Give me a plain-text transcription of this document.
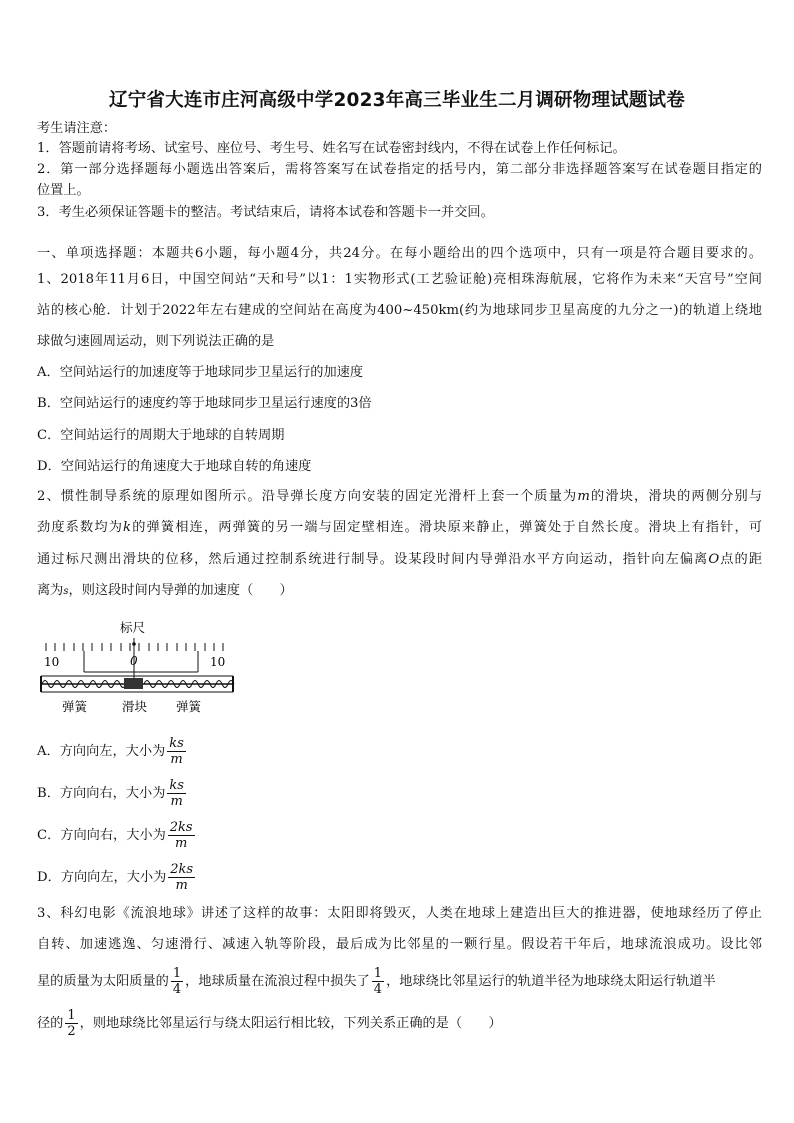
辽宁省大连市庄河高级中学2023年高三毕业生二月调研物理试题试卷
考生请注意：
1．答题前请将考场、试室号、座位号、考生号、姓名写在试卷密封线内，不得在试卷上作任何标记。
2．第一部分选择题每小题选出答案后，需将答案写在试卷指定的括号内，第二部分非选择题答案写在试卷题目指定的
位置上。
3．考生必须保证答题卡的整洁。考试结束后，请将本试卷和答题卡一并交回。
一、单项选择题：本题共6小题，每小题4分，共24分。在每小题给出的四个选项中，只有一项是符合题目要求的。
1、2018年11月6日，中国空间站“天和号”以1：1实物形式(工艺验证舱)亮相珠海航展，它将作为未来“天宫号”空间
站的核心舱．计划于2022年左右建成的空间站在高度为400~450km(约为地球同步卫星高度的九分之一)的轨道上绕地
球做匀速圆周运动，则下列说法正确的是
A．空间站运行的加速度等于地球同步卫星运行的加速度
B．空间站运行的速度约等于地球同步卫星运行速度的3倍
C．空间站运行的周期大于地球的自转周期
D．空间站运行的角速度大于地球自转的角速度
2、惯性制导系统的原理如图所示。沿导弹长度方向安装的固定光滑杆上套一个质量为m的滑块，滑块的两侧分别与
劲度系数均为k的弹簧相连，两弹簧的另一端与固定壁相连。滑块原来静止，弹簧处于自然长度。滑块上有指针，可
通过标尺测出滑块的位移，然后通过控制系统进行制导。设某段时间内导弹沿水平方向运动，指针向左偏离O点的距
离为s，则这段时间内导弹的加速度（　　）
标尺
10	0	10
弹簧	滑块 弹簧
A．方向向左，大小为 $\frac{ks}{m}$
B．方向向右，大小为 $\frac{ks}{m}$
C．方向向右，大小为 $\frac{2ks}{m}$
D．方向向左，大小为 $\frac{2ks}{m}$
3、科幻电影《流浪地球》讲述了这样的故事：太阳即将毁灭，人类在地球上建造出巨大的推进器，使地球经历了停止
自转、加速逃逸、匀速滑行、减速入轨等阶段，最后成为比邻星的一颗行星。假设若干年后，地球流浪成功。设比邻
星的质量为太阳质量的 $\frac{1}{4}$ ，地球质量在流浪过程中损失了 $\frac{1}{4}$ ，地球绕比邻星运行的轨道半径为地球绕太阳运行轨道半
径的 $\frac{1}{2}$ ，则地球绕比邻星运行与绕太阳运行相比较，下列关系正确的是（　　）
